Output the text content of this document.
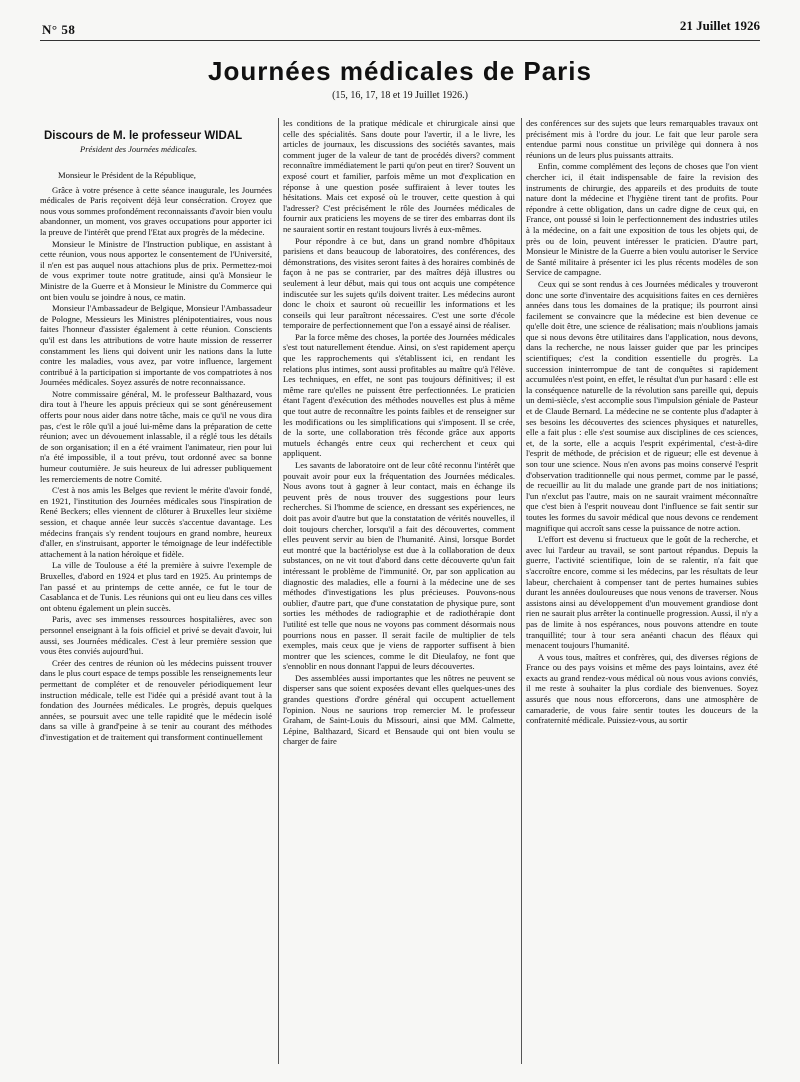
N° 58	21 Juillet 1926
Journées médicales de Paris
(15, 16, 17, 18 et 19 Juillet 1926.)
Discours de M. le professeur WIDAL
Président des Journées médicales.

Monsieur le Président de la République,

Grâce à votre présence à cette séance inaugurale, les Journées médicales de Paris reçoivent déjà leur consécration. Croyez que nous vous sommes profondément reconnaissants d'avoir bien voulu abandonner, un moment, vos graves occupations pour apporter ici la preuve de l'intérêt que prend l'Etat aux progrès de la médecine.

Monsieur le Ministre de l'Instruction publique, en assistant à cette réunion, vous nous apportez le consentement de l'Université, il n'en est pas auquel nous attachions plus de prix. Permettez-moi de vous exprimer toute notre gratitude, ainsi qu'à Monsieur le Ministre de la Guerre et à Monsieur le Ministre du Commerce qui ont bien voulu se joindre à nous, ce matin.

Monsieur l'Ambassadeur de Belgique, Monsieur l'Ambassadeur de Pologne, Messieurs les Ministres plénipotentiaires, vous nous faites l'honneur d'assister également à cette réunion. Conscients qu'il est dans les attributions de votre haute mission de resserrer constamment les liens qui doivent unir les nations dans la lutte contre les maladies, vous avez, par votre influence, largement contribué à la participation si importante de vos compatriotes à nos Journées médicales. Soyez assurés de notre reconnaissance.

Notre commissaire général, M. le professeur Balthazard, vous dira tout à l'heure les appuis précieux qui se sont généreusement offerts pour nous aider dans notre tâche, mais ce qu'il ne vous dira pas, c'est le rôle qu'il a joué lui-même dans la préparation de cette réunion; avec un dévouement inlassable, il a réglé tous les détails de son organisation; il en a été vraiment l'animateur, rien pour lui n'a été impossible, il a tout prévu, tout ordonné avec sa bonne humeur coutumière. Je suis heureux de lui adresser publiquement les remerciements de notre Comité.

C'est à nos amis les Belges que revient le mérite d'avoir fondé, en 1921, l'institution des Journées médicales sous l'inspiration de René Beckers; elles viennent de clôturer à Bruxelles leur sixième session, et chaque année leur succès s'accentue davantage. Les médecins français s'y rendent toujours en grand nombre, heureux d'aller, en s'instruisant, apporter le témoignage de leur indéfectible attachement à la nation héroïque et fidèle.

La ville de Toulouse a été la première à suivre l'exemple de Bruxelles, d'abord en 1924 et plus tard en 1925. Au printemps de l'an passé et au printemps de cette année, ce fut le tour de Casablanca et de Tunis. Les réunions qui ont eu lieu dans ces villes ont obtenu également un plein succès.

Paris, avec ses immenses ressources hospitalières, avec son personnel enseignant à la fois officiel et privé se devait d'avoir, lui aussi, ses Journées médicales. C'est à leur première session que vous êtes conviés aujourd'hui.

Créer des centres de réunion où les médecins puissent trouver dans le plus court espace de temps possible les renseignements leur permettant de compléter et de renouveler périodiquement leur instruction médicale, telle est l'idée qui a présidé avant tout à la fondation des Journées médicales. Le progrès, depuis quelques années, se poursuit avec une telle rapidité que le médecin isolé dans sa ville à grand'peine à se tenir au courant des méthodes d'investigation et de traitement qui transforment continuellement

les conditions de la pratique médicale et chirurgicale ainsi que celle des spécialités. Sans doute pour l'avertir, il a le livre, les articles de journaux, les discussions des sociétés savantes, mais comment juger de la valeur de tant de procédés divers? comment reconnaître immédiatement le parti qu'on peut en tirer? Souvent un exposé court et familier, parfois même un mot d'explication en réponse à une question posée suffiraient à lever toutes les hésitations. Mais cet exposé où le trouver, cette question à qui l'adresser? C'est précisément le rôle des Journées médicales de fournir aux praticiens les moyens de se tirer des embarras dont ils ne sauraient sortir en restant toujours livrés à eux-mêmes.

Pour répondre à ce but, dans un grand nombre d'hôpitaux parisiens et dans beaucoup de laboratoires, des conférences, des démonstrations, des visites seront faites à des horaires combinés de façon à ne pas se contrarier, par des maîtres déjà illustres ou seulement à leur début, mais qui tous ont acquis une compétence indiscutée sur les sujets qu'ils doivent traiter. Les médecins auront donc le choix et sauront où recueillir les informations et les conseils qui leur paraîtront nécessaires. C'est une sorte d'école temporaire de perfectionnement que l'on a essayé ainsi de réaliser.

Par la force même des choses, la portée des Journées médicales s'est tout naturellement étendue. Ainsi, on s'est rapidement aperçu que les rapprochements qui s'établissent ici, en rendant les relations plus intimes, sont aussi profitables au maître qu'à l'élève. Les techniques, en effet, ne sont pas toujours définitives; il est même rare qu'elles ne puissent être perfectionnées. Le praticien étant l'agent d'exécution des méthodes nouvelles est plus à même que tout autre de reconnaître les points faibles et de renseigner sur les modifications ou les simplifications qui s'imposent. Il se crée, de la sorte, une collaboration très féconde grâce aux apports mutuels échangés entre ceux qui recherchent et ceux qui appliquent.

Les savants de laboratoire ont de leur côté reconnu l'intérêt que pouvait avoir pour eux la fréquentation des Journées médicales. Nous avons tout à gagner à leur contact, mais en échange ils peuvent près de nous trouver des suggestions pour leurs recherches. Si l'homme de science, en dressant ses expériences, ne doit pas avoir d'autre but que la constatation de vérités nouvelles, il doit toujours chercher, lorsqu'il a fait des découvertes, comment elles peuvent servir au bien de l'humanité. Ainsi, lorsque Bordet eut montré que la bactériolyse est due à la collaboration de deux substances, on ne vit tout d'abord dans cette découverte qu'un fait intéressant le problème de l'immunité. Or, par son application au diagnostic des maladies, elle a fourni à la médecine une de ses méthodes d'investigations les plus précieuses. Pouvons-nous oublier, d'autre part, que d'une constatation de physique pure, sont sorties les méthodes de radiographie et de radiothérapie dont l'utilité est telle que nous ne voyons pas comment désormais nous pourrions nous en passer. Il serait facile de multiplier de tels exemples, mais ceux que je viens de rapporter suffisent à bien montrer que les sciences, comme le dit Dieulafoy, ne font que s'ennoblir en nous donnant l'appui de leurs découvertes.

Des assemblées aussi importantes que les nôtres ne peuvent se disperser sans que soient exposées devant elles quelques-unes des grandes questions d'ordre général qui occupent actuellement l'opinion. Nous ne saurions trop remercier M. le professeur Graham, de Saint-Louis du Missouri, ainsi que MM. Calmette, Lépine, Balthazard, Sicard et Bensaude qui ont bien voulu se charger de faire

des conférences sur des sujets que leurs remarquables travaux ont précisément mis à l'ordre du jour. Le fait que leur parole sera entendue parmi nous constitue un privilège qui donnera à nos réunions un de leurs plus puissants attraits.

Enfin, comme complément des leçons de choses que l'on vient chercher ici, il était indispensable de faire la revision des instruments de chirurgie, des appareils et des produits de toute nature dont la médecine et l'hygiène tirent tant de profits. Pour répondre à cette obligation, dans un cadre digne de ceux qui, en France, ont poussé si loin le perfectionnement des industries utiles à la médecine, on a fait une exposition de tous les objets qui, de près ou de loin, peuvent intéresser le praticien. D'autre part, Monsieur le Ministre de la Guerre a bien voulu autoriser le Service de Santé militaire à présenter ici les plus récents modèles de son Service de campagne.

Ceux qui se sont rendus à ces Journées médicales y trouveront donc une sorte d'inventaire des acquisitions faites en ces dernières années dans tous les domaines de la pratique; ils pourront ainsi facilement se convaincre que la médecine est bien devenue ce qu'elle doit être, une science de réalisation; mais n'oublions jamais que si nous devons être utilitaires dans l'application, nous devons, dans la recherche, ne nous laisser guider que par les principes scientifiques; c'est la condition essentielle du progrès. La succession ininterrompue de tant de conquêtes si rapidement accumulées n'est point, en effet, le résultat d'un pur hasard : elle est la conséquence naturelle de la révolution sans pareille qui, depuis un demi-siècle, s'est accomplie sous l'impulsion géniale de Pasteur et de Claude Bernard. La médecine ne se contente plus d'adapter à ses besoins les découvertes des sciences physiques et naturelles, elle a fait plus : elle s'est soumise aux disciplines de ces sciences, et, de la sorte, elle a acquis l'esprit expérimental, c'est-à-dire l'esprit de méthode, de précision et de rigueur; elle est devenue à son tour une science. Nous n'en avons pas moins conservé l'esprit d'observation traditionnelle qui nous permet, comme par le passé, de recueillir au lit du malade une grande part de nos initiations; l'un n'exclut pas l'autre, mais on ne saurait vraiment méconnaître que c'est bien à l'esprit nouveau dont l'influence se fait sentir sur toutes les formes du savoir médical que nous devons ce rendement magnifique qui accroît sans cesse la puissance de notre action.

L'effort est devenu si fructueux que le goût de la recherche, et avec lui l'ardeur au travail, se sont partout répandus. Depuis la guerre, l'activité scientifique, loin de se ralentir, n'a fait que s'accroître encore, comme si les médecins, par les résultats de leur labeur, cherchaient à compenser tant de pertes humaines subies durant les années douloureuses que nous venons de traverser. Nous assistons ainsi au développement d'un mouvement grandiose dont rien ne saurait plus arrêter la continuelle progression. Aussi, il n'y a pas de limite à nos espérances, nous pouvons attendre en toute tranquillité; tour à tour sera anéanti chacun des fléaux qui menacent toujours l'humanité.

A vous tous, maîtres et confrères, qui, des diverses régions de France ou des pays voisins et même des pays lointains, avez été exacts au grand rendez-vous médical où nous vous avions conviés, il me reste à souhaiter la plus cordiale des bienvenues. Soyez assurés que nous nous efforcerons, dans une atmosphère de camaraderie, de vous faire sentir toutes les douceurs de la confraternité médicale. Puissiez-vous, au sortir
